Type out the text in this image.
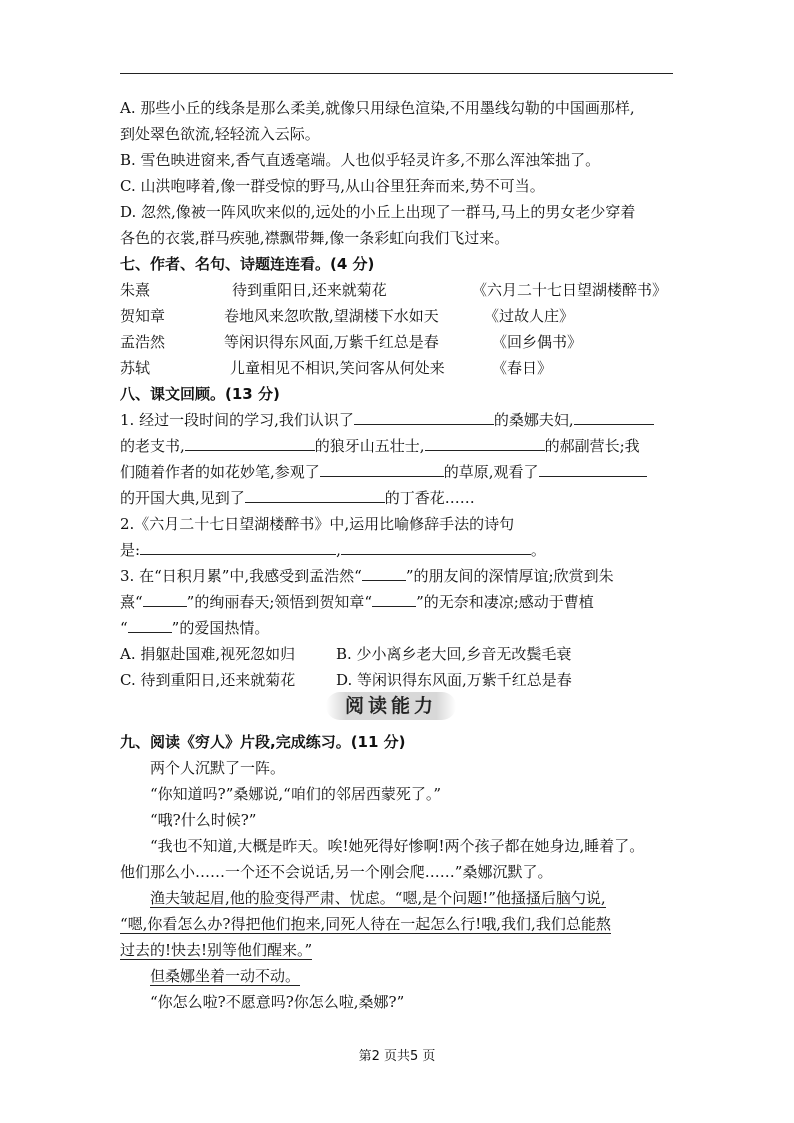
A. 那些小丘的线条是那么柔美,就像只用绿色渲染,不用墨线勾勒的中国画那样,
到处翠色欲流,轻轻流入云际。
B. 雪色映进窗来,香气直透毫端。人也似乎轻灵许多,不那么浑浊笨拙了。
C. 山洪咆哮着,像一群受惊的野马,从山谷里狂奔而来,势不可当。
D. 忽然,像被一阵风吹来似的,远处的小丘上出现了一群马,马上的男女老少穿着
各色的衣裳,群马疾驰,襟飘带舞,像一条彩虹向我们飞过来。
七、作者、名句、诗题连连看。(4 分)
朱熹	待到重阳日,还来就菊花	《六月二十七日望湖楼醉书》
贺知章	卷地风来忽吹散,望湖楼下水如天	《过故人庄》
孟浩然	等闲识得东风面,万紫千红总是春	《回乡偶书》
苏轼	儿童相见不相识,笑问客从何处来	《春日》
八、课文回顾。(13 分)
1. 经过一段时间的学习,我们认识了	的桑娜夫妇,
的老支书,	的狼牙山五壮士,	的郝副营长;我
们随着作者的如花妙笔,参观了	的草原,观看了
的开国大典,见到了	的丁香花……
2.《六月二十七日望湖楼醉书》中,运用比喻修辞手法的诗句
是:	,	。
3. 在“日积月累”中,我感受到孟浩然“	”的朋友间的深情厚谊;欣赏到朱
熹“	”的绚丽春天;领悟到贺知章“	”的无奈和凄凉;感动于曹植
“	”的爱国热情。
A. 捐躯赴国难,视死忽如归	B. 少小离乡老大回,乡音无改鬓毛衰
C. 待到重阳日,还来就菊花	D. 等闲识得东风面,万紫千红总是春
阅读能力
九、阅读《穷人》片段,完成练习。(11 分)
两个人沉默了一阵。
“你知道吗?”桑娜说,“咱们的邻居西蒙死了。”
“哦?什么时候?”
“我也不知道,大概是昨天。唉!她死得好惨啊!两个孩子都在她身边,睡着了。
他们那么小……一个还不会说话,另一个刚会爬……”桑娜沉默了。
渔夫皱起眉,他的脸变得严肃、忧虑。“嗯,是个问题!”他搔搔后脑勺说,
“嗯,你看怎么办?得把他们抱来,同死人待在一起怎么行!哦,我们,我们总能熬
过去的!快去!别等他们醒来。”
但桑娜坐着一动不动。
“你怎么啦?不愿意吗?你怎么啦,桑娜?”
第2 页共5 页
